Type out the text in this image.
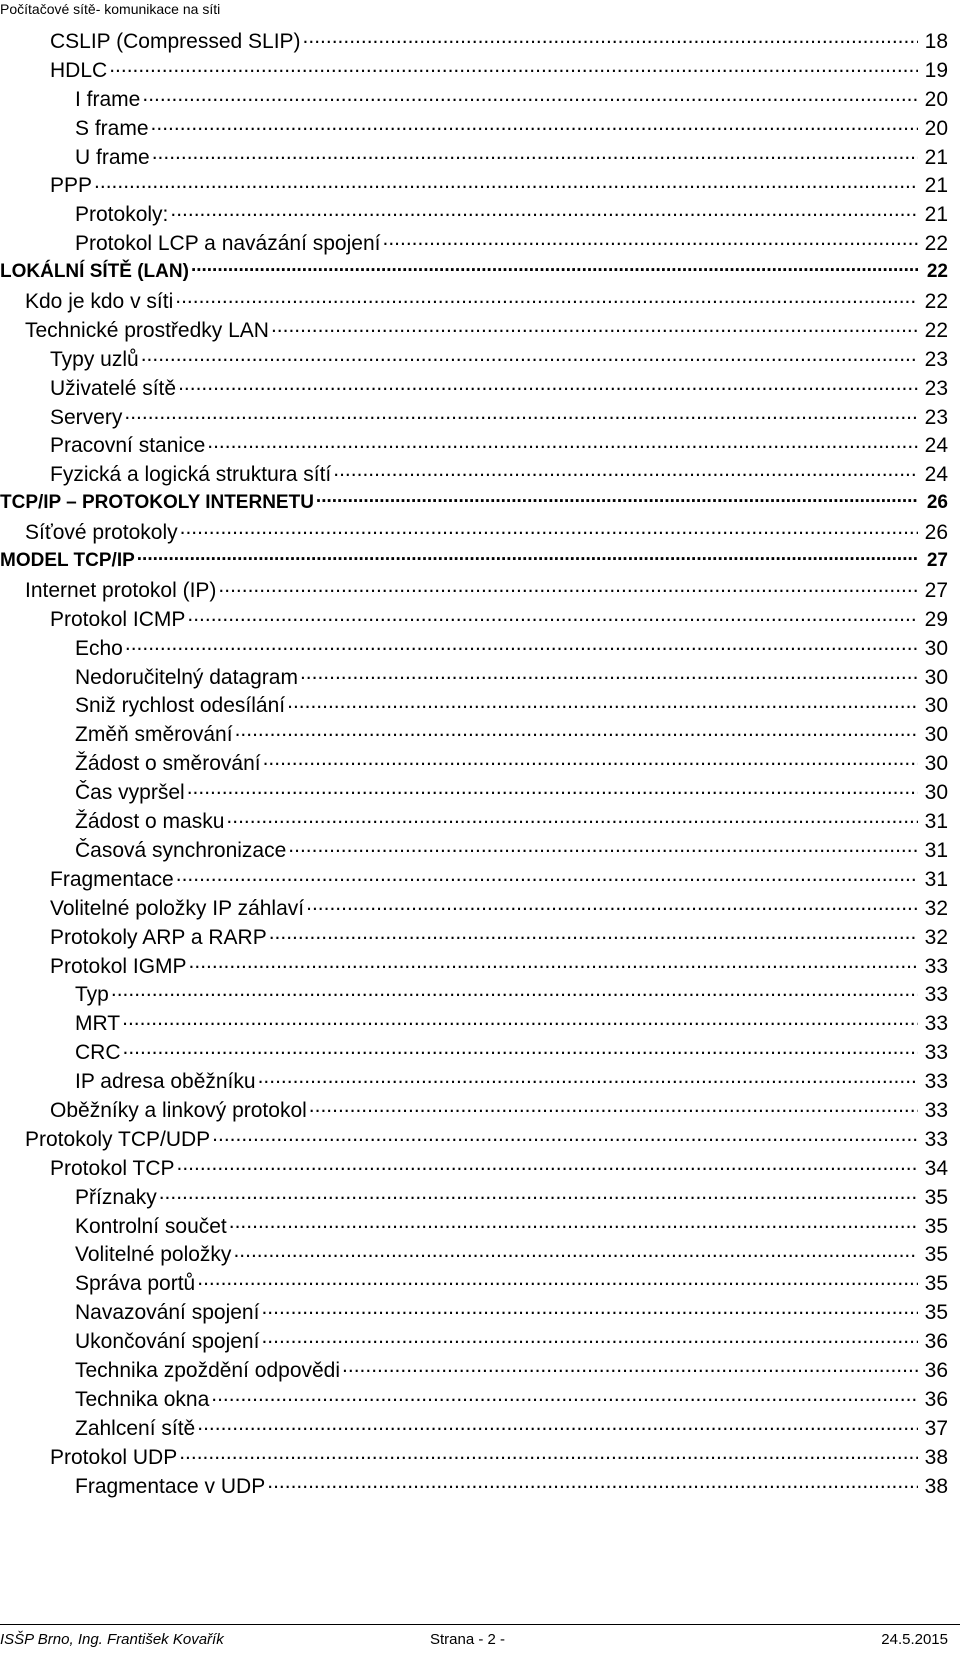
Počítačové sítě- komunikace na síti
CSLIP (Compressed SLIP) .....	18
HDLC .....	19
I frame .....	20
S frame .....	20
U frame .....	21
PPP .....	21
Protokoly: .....	21
Protokol LCP a navázání spojení .....	22
LOKÁLNÍ SÍTĚ (LAN) .....	22
Kdo je kdo v síti .....	22
Technické prostředky LAN .....	22
Typy uzlů .....	23
Uživatelé sítě .....	23
Servery .....	23
Pracovní stanice .....	24
Fyzická a logická struktura sítí .....	24
TCP/IP – PROTOKOLY INTERNETU .....	26
Síťové protokoly .....	26
MODEL TCP/IP .....	27
Internet protokol (IP) .....	27
Protokol ICMP .....	29
Echo .....	30
Nedoručitelný datagram .....	30
Sniž rychlost odesílání .....	30
Změň směrování .....	30
Žádost o směrování .....	30
Čas vypršel .....	30
Žádost o masku .....	31
Časová synchronizace .....	31
Fragmentace .....	31
Volitelné položky IP záhlaví .....	32
Protokoly ARP a RARP .....	32
Protokol IGMP .....	33
Typ .....	33
MRT .....	33
CRC .....	33
IP adresa oběžníku .....	33
Oběžníky a linkový protokol .....	33
Protokoly TCP/UDP .....	33
Protokol TCP .....	34
Příznaky .....	35
Kontrolní součet .....	35
Volitelné položky .....	35
Správa portů .....	35
Navazování spojení .....	35
Ukončování spojení .....	36
Technika zpoždění odpovědi .....	36
Technika okna .....	36
Zahlcení sítě .....	37
Protokol UDP .....	38
Fragmentace v UDP .....	38
ISŠP Brno, Ing. František Kovařík	Strana - 2 -	24.5.2015
